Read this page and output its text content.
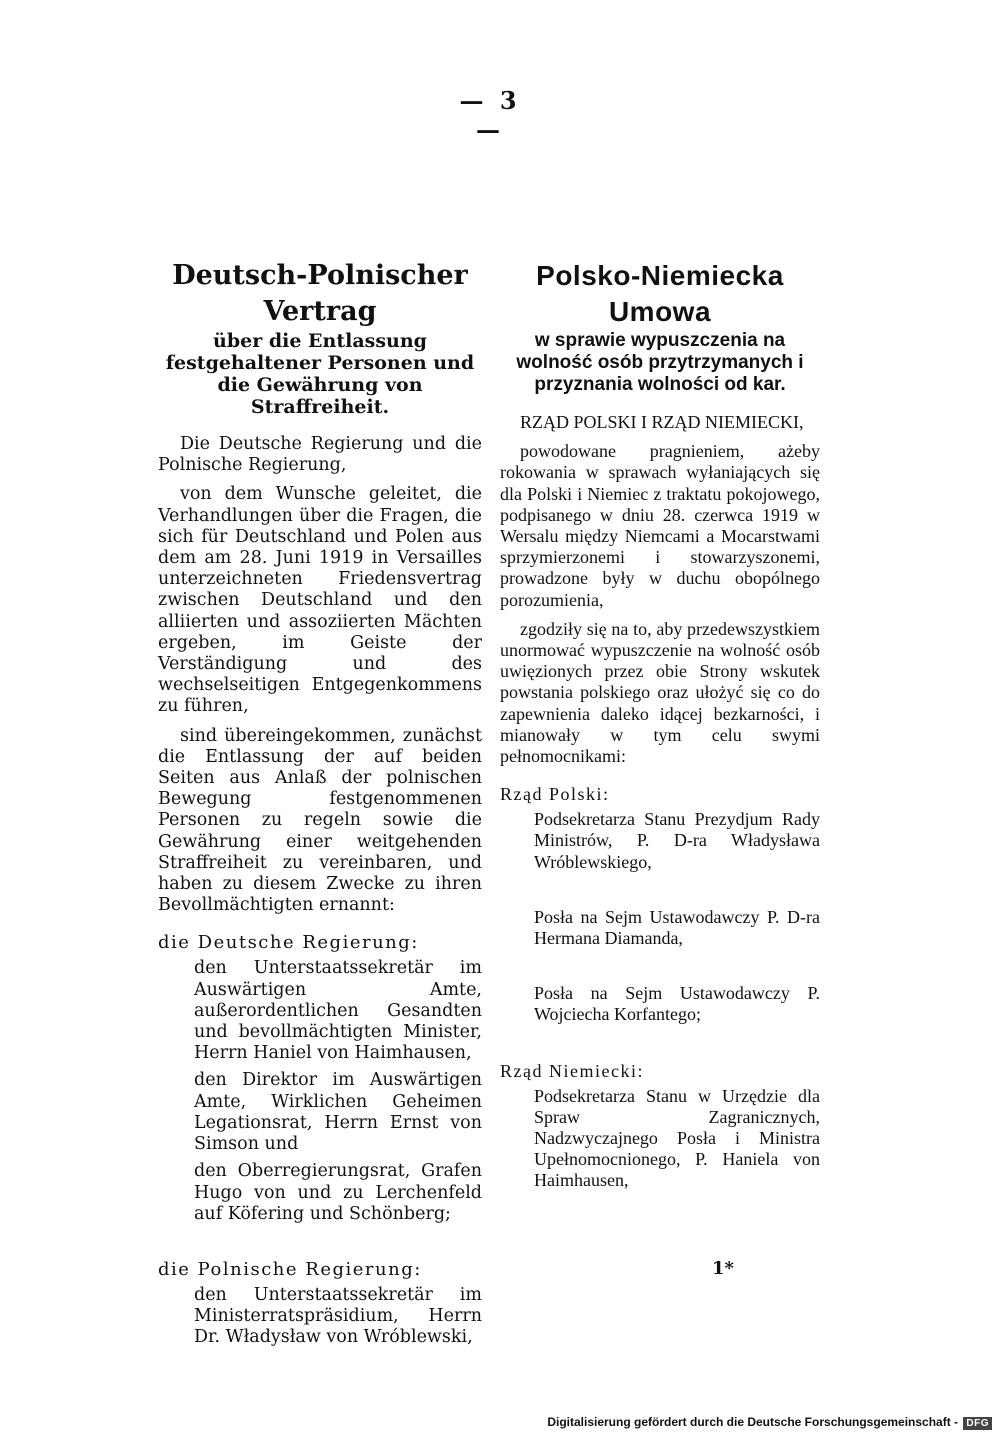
— 3 —
Deutsch-Polnischer Vertrag
über die Entlassung festgehaltener Personen und die Gewährung von Straffreiheit.

Die Deutsche Regierung und die Polnische Regierung,

von dem Wunsche geleitet, die Verhandlungen über die Fragen, die sich für Deutschland und Polen aus dem am 28. Juni 1919 in Versailles unterzeichneten Friedensvertrag zwischen Deutschland und den alliierten und assoziierten Mächten ergeben, im Geiste der Verständigung und des wechselseitigen Entgegenkommens zu führen,

sind übereingekommen, zunächst die Entlassung der auf beiden Seiten aus Anlaß der polnischen Bewegung festgenommenen Personen zu regeln sowie die Gewährung einer weitgehenden Straffreiheit zu vereinbaren, und haben zu diesem Zwecke zu ihren Bevollmächtigten ernannt:

die Deutsche Regierung:

den Unterstaatssekretär im Auswärtigen Amte, außerordentlichen Gesandten und bevollmächtigten Minister, Herrn Haniel von Haimhausen,

den Direktor im Auswärtigen Amte, Wirklichen Geheimen Legationsrat, Herrn Ernst von Simson und

den Oberregierungsrat, Grafen Hugo von und zu Lerchenfeld auf Köfering und Schönberg;

die Polnische Regierung:

den Unterstaatssekretär im Ministerratspräsidium, Herrn Dr. Władysław von Wróblewski,

Polsko-Niemiecka Umowa
w sprawie wypuszczenia na wolność osób przytrzymanych i przyznania wolności od kar.

RZĄD POLSKI I RZĄD NIEMIECKI,

powodowane pragnieniem, ażeby rokowania w sprawach wyłaniających się dla Polski i Niemiec z traktatu pokojowego, podpisanego w dniu 28. czerwca 1919 w Wersalu między Niemcami a Mocarstwami sprzymierzonemi i stowarzyszonemi, prowadzone były w duchu obopólnego porozumienia,

zgodziły się na to, aby przedewszystkiem unormować wypuszczenie na wolność osób uwięzionych przez obie Strony wskutek powstania polskiego oraz ułożyć się co do zapewnienia daleko idącej bezkarności, i mianowały w tym celu swymi pełnomocnikami:

Rząd Polski:

Podsekretarza Stanu Prezydjum Rady Ministrów, P. D-ra Władysława Wróblewskiego,

Posła na Sejm Ustawodawczy P. D-ra Hermana Diamanda,

Posła na Sejm Ustawodawczy P. Wojciecha Korfantego;

Rząd Niemiecki:

Podsekretarza Stanu w Urzędzie dla Spraw Zagranicznych, Nadzwyczajnego Posła i Ministra Upełnomocnionego, P. Haniela von Haimhausen,

1*
Digitalisierung gefördert durch die Deutsche Forschungsgemeinschaft - DFG
